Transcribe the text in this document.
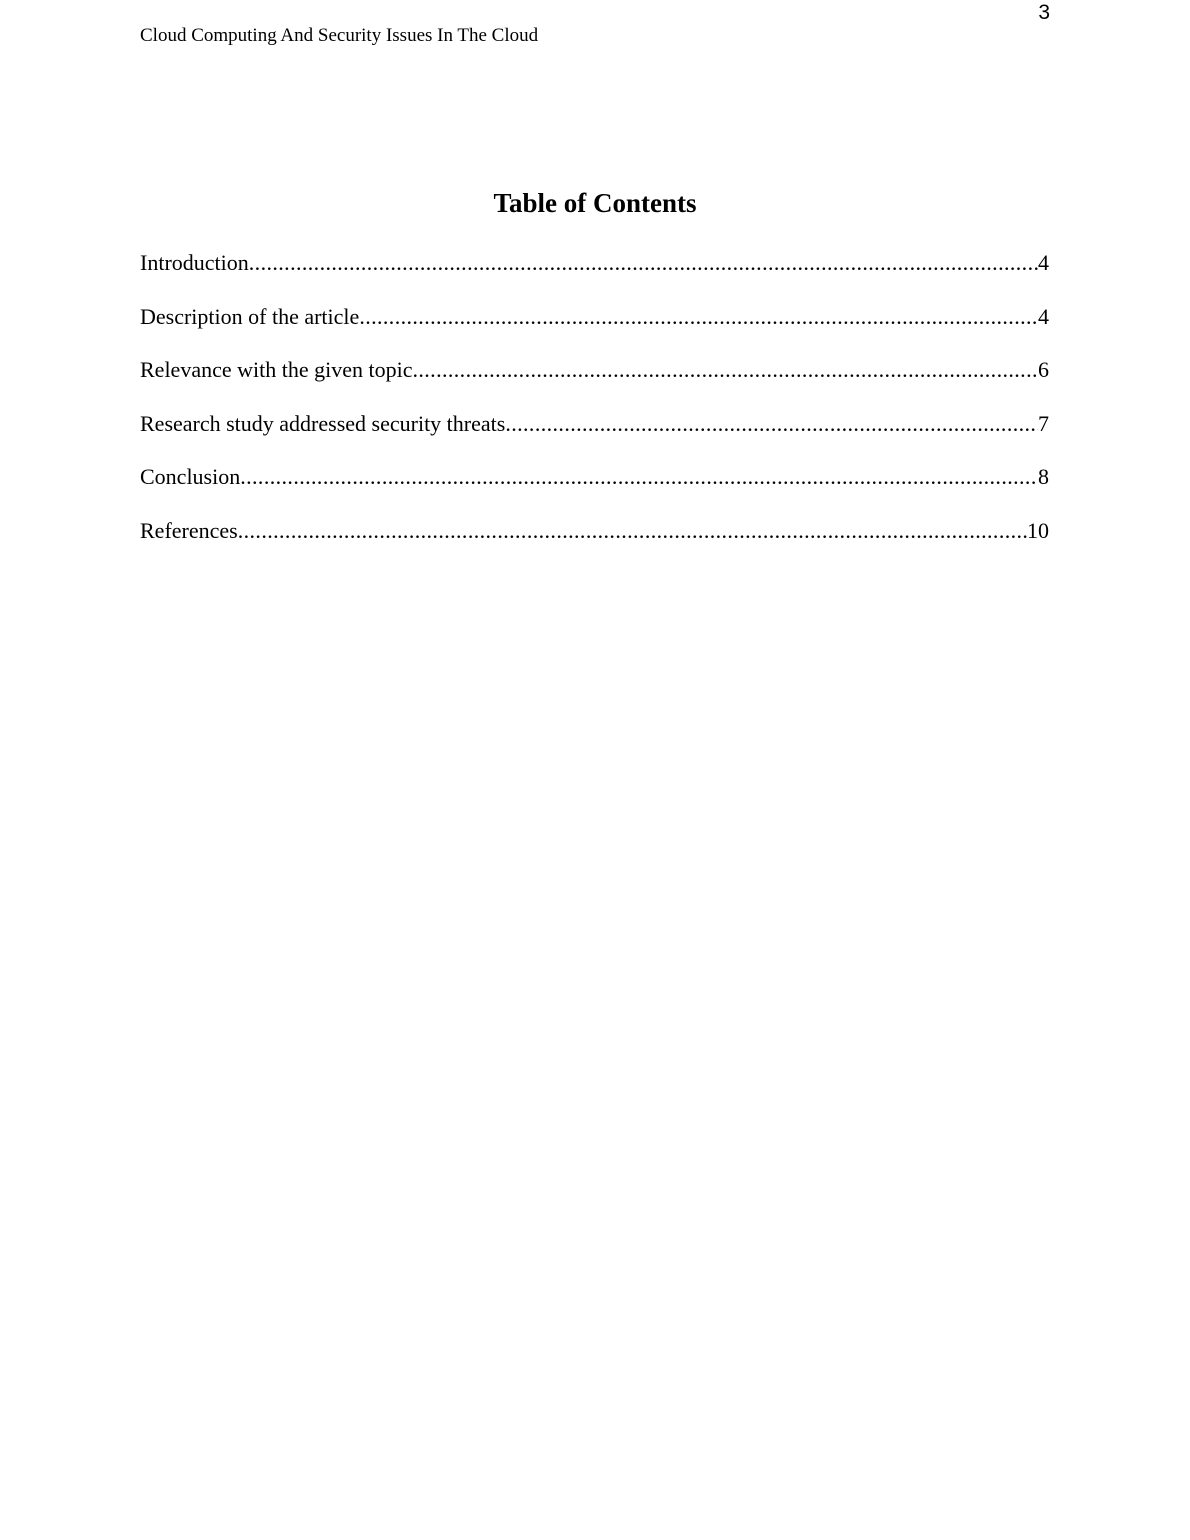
3
Cloud Computing And Security Issues In The Cloud
Table of Contents
Introduction .....	4
Description of the article .....	4
Relevance with the given topic .....	6
Research study addressed security threats .....	7
Conclusion .....	8
References .....	10
